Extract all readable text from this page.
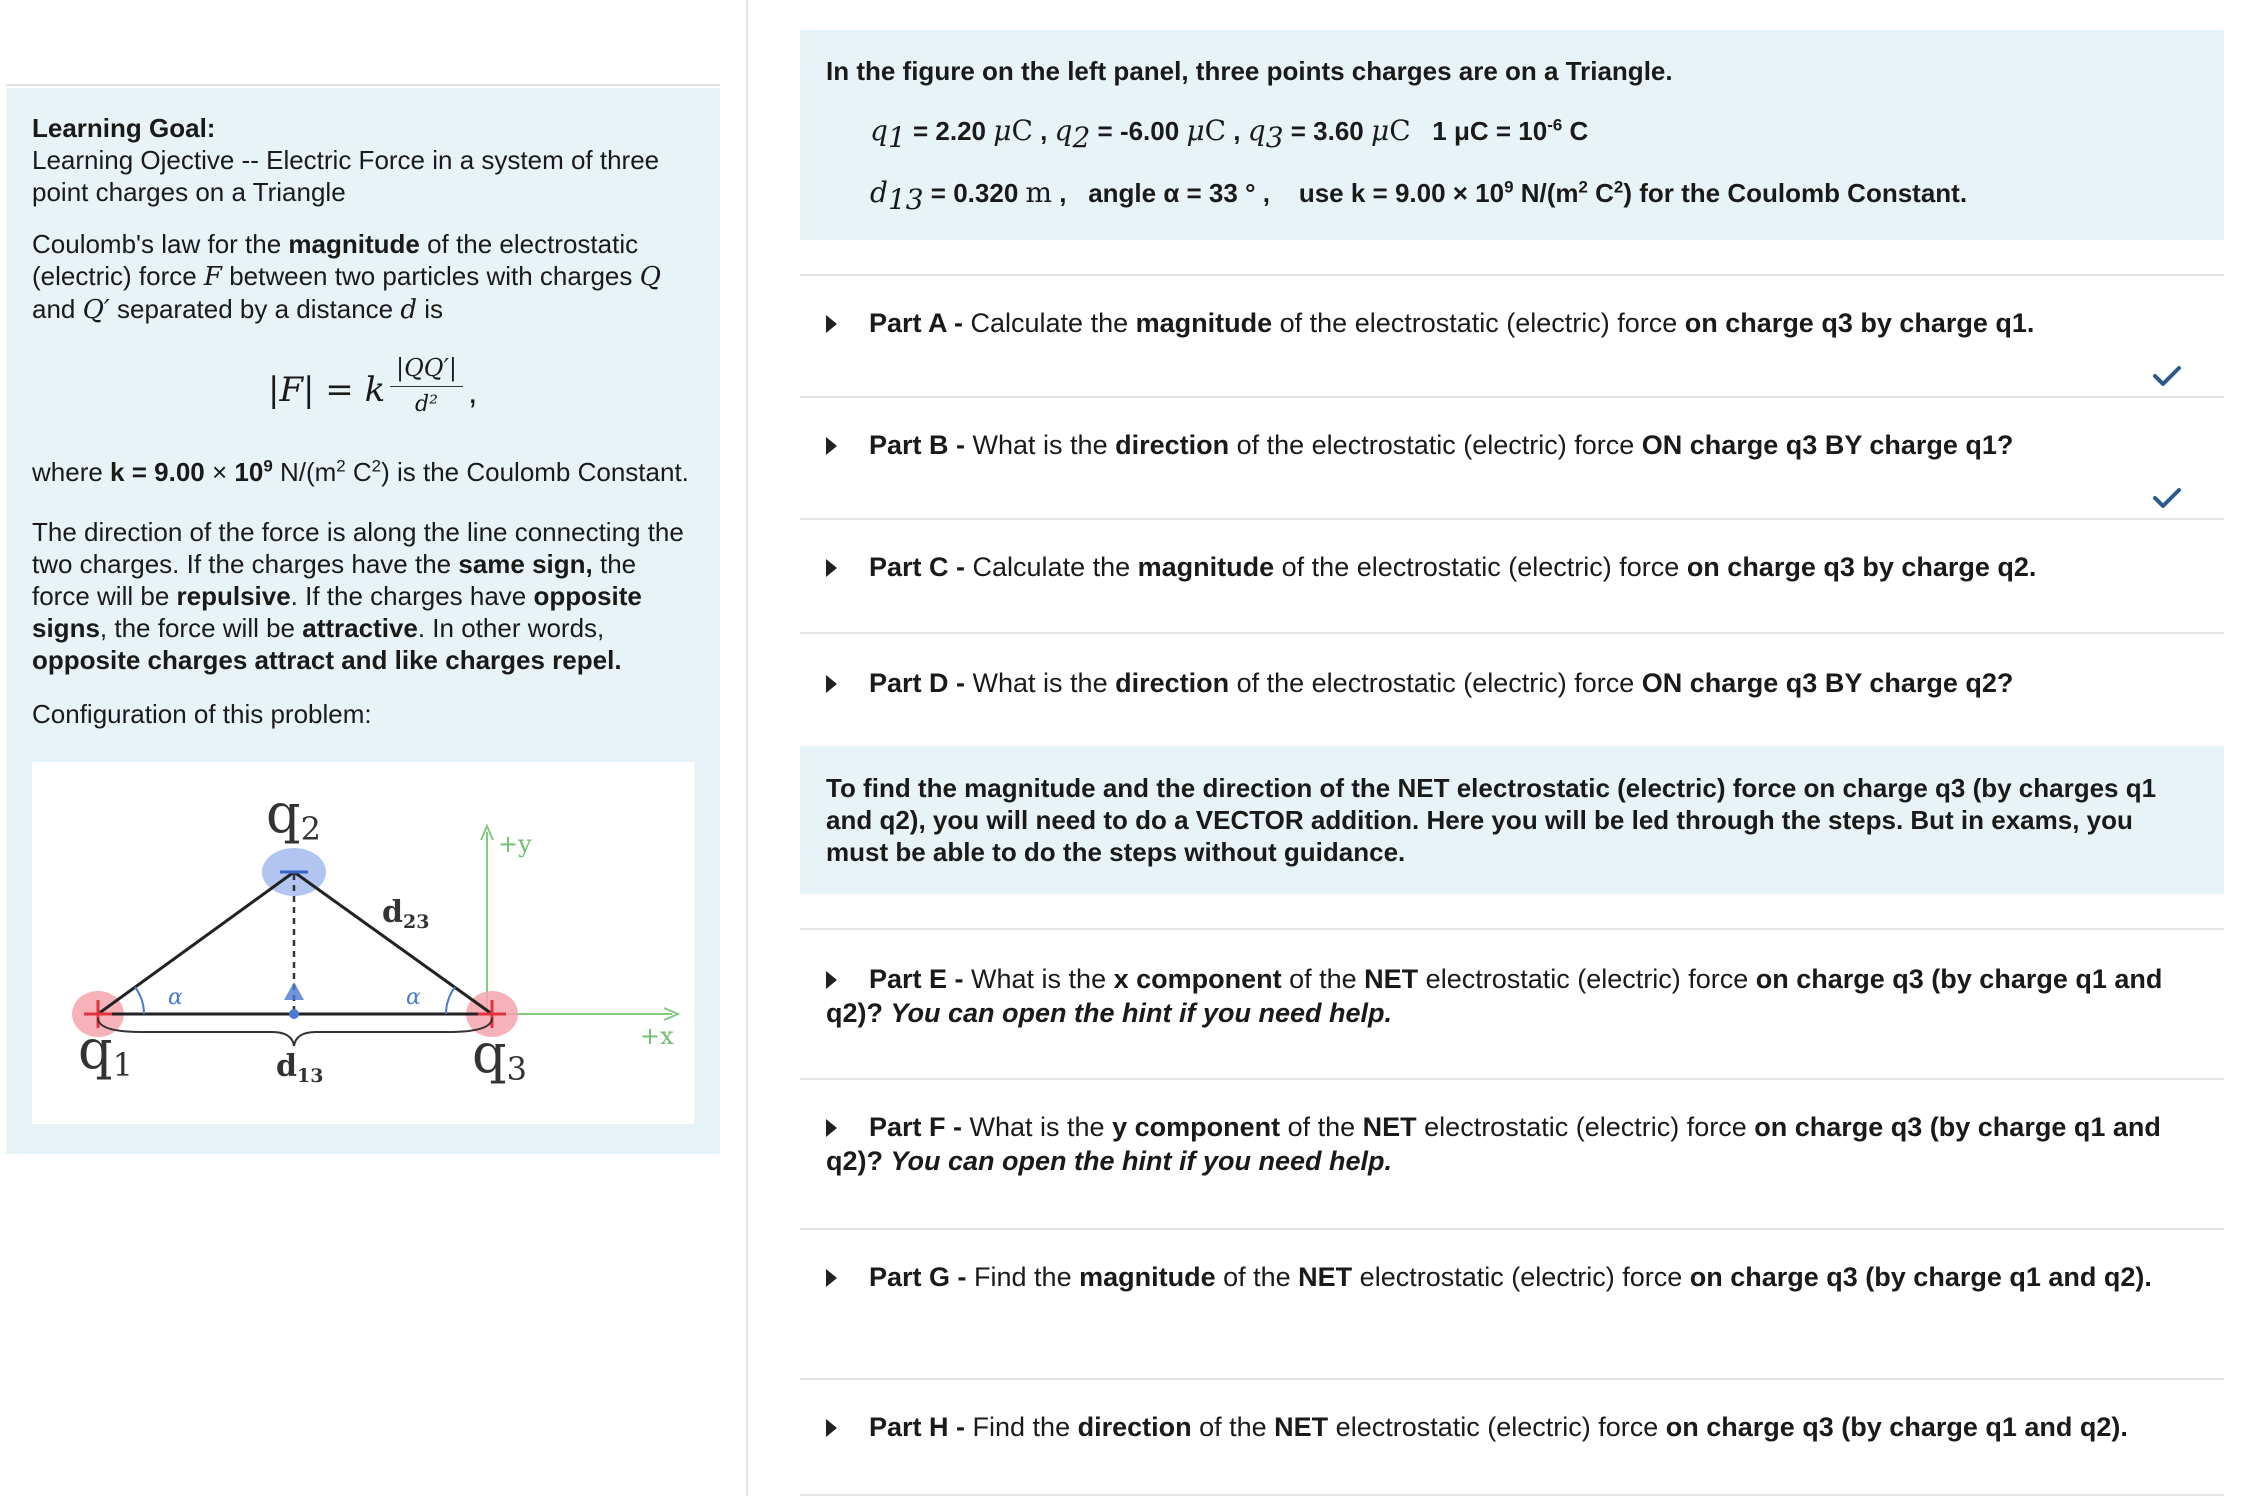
Learning Goal:

Learning Ojective -- Electric Force in a system of three point charges on a Triangle

Coulomb's law for the magnitude of the electrostatic (electric) force F between two particles with charges Q and Q′ separated by a distance d is

|F| = k $\frac{|QQ'|}{\text{d²}}$ ,

where $k = 9.00 \times 10^9$ $N/(m^2$ $C^2$) is the Coulomb Constant.

The direction of the force is along the line connecting the two charges. If the charges have the same sign, the force will be repulsive. If the charges have opposite signs, the force will be attractive. In other words, opposite charges attract and like charges repel.

Configuration of this problem:

+y
+x
α	α
q2
q1	q3
$d_{23}$
$d_{13}$
In the figure on the left panel, three points charges are on a Triangle.
$q_1 = 2.20$ μC , $q_2 = -6.00$ μC , $q_3 = 3.60$ μC 1 $\mu C = 10^{-6}$ C
$d_{13} = 0.320$ m , angle α = 33 ° , use $k = 9.00 \times 10^9$ $N/(m^2$ $C^2$) for the Coulomb Constant.
Part A - Calculate the magnitude of the electrostatic (electric) force on charge q3 by charge q1.
Part B - What is the direction of the electrostatic (electric) force ON charge q3 BY charge q1?
Part C - Calculate the magnitude of the electrostatic (electric) force on charge q3 by charge q2.
Part D - What is the direction of the electrostatic (electric) force ON charge q3 BY charge q2?
To find the magnitude and the direction of the NET electrostatic (electric) force on charge q3 (by charges q1 and q2), you will need to do a VECTOR addition. Here you will be led through the steps. But in exams, you must be able to do the steps without guidance.
Part E - What is the x component of the NET electrostatic (electric) force on charge q3 (by charge q1 and q2)? You can open the hint if you need help.
Part F - What is the y component of the NET electrostatic (electric) force on charge q3 (by charge q1 and q2)? You can open the hint if you need help.
Part G - Find the magnitude of the NET electrostatic (electric) force on charge q3 (by charge q1 and q2).
Part H - Find the direction of the NET electrostatic (electric) force on charge q3 (by charge q1 and q2).
